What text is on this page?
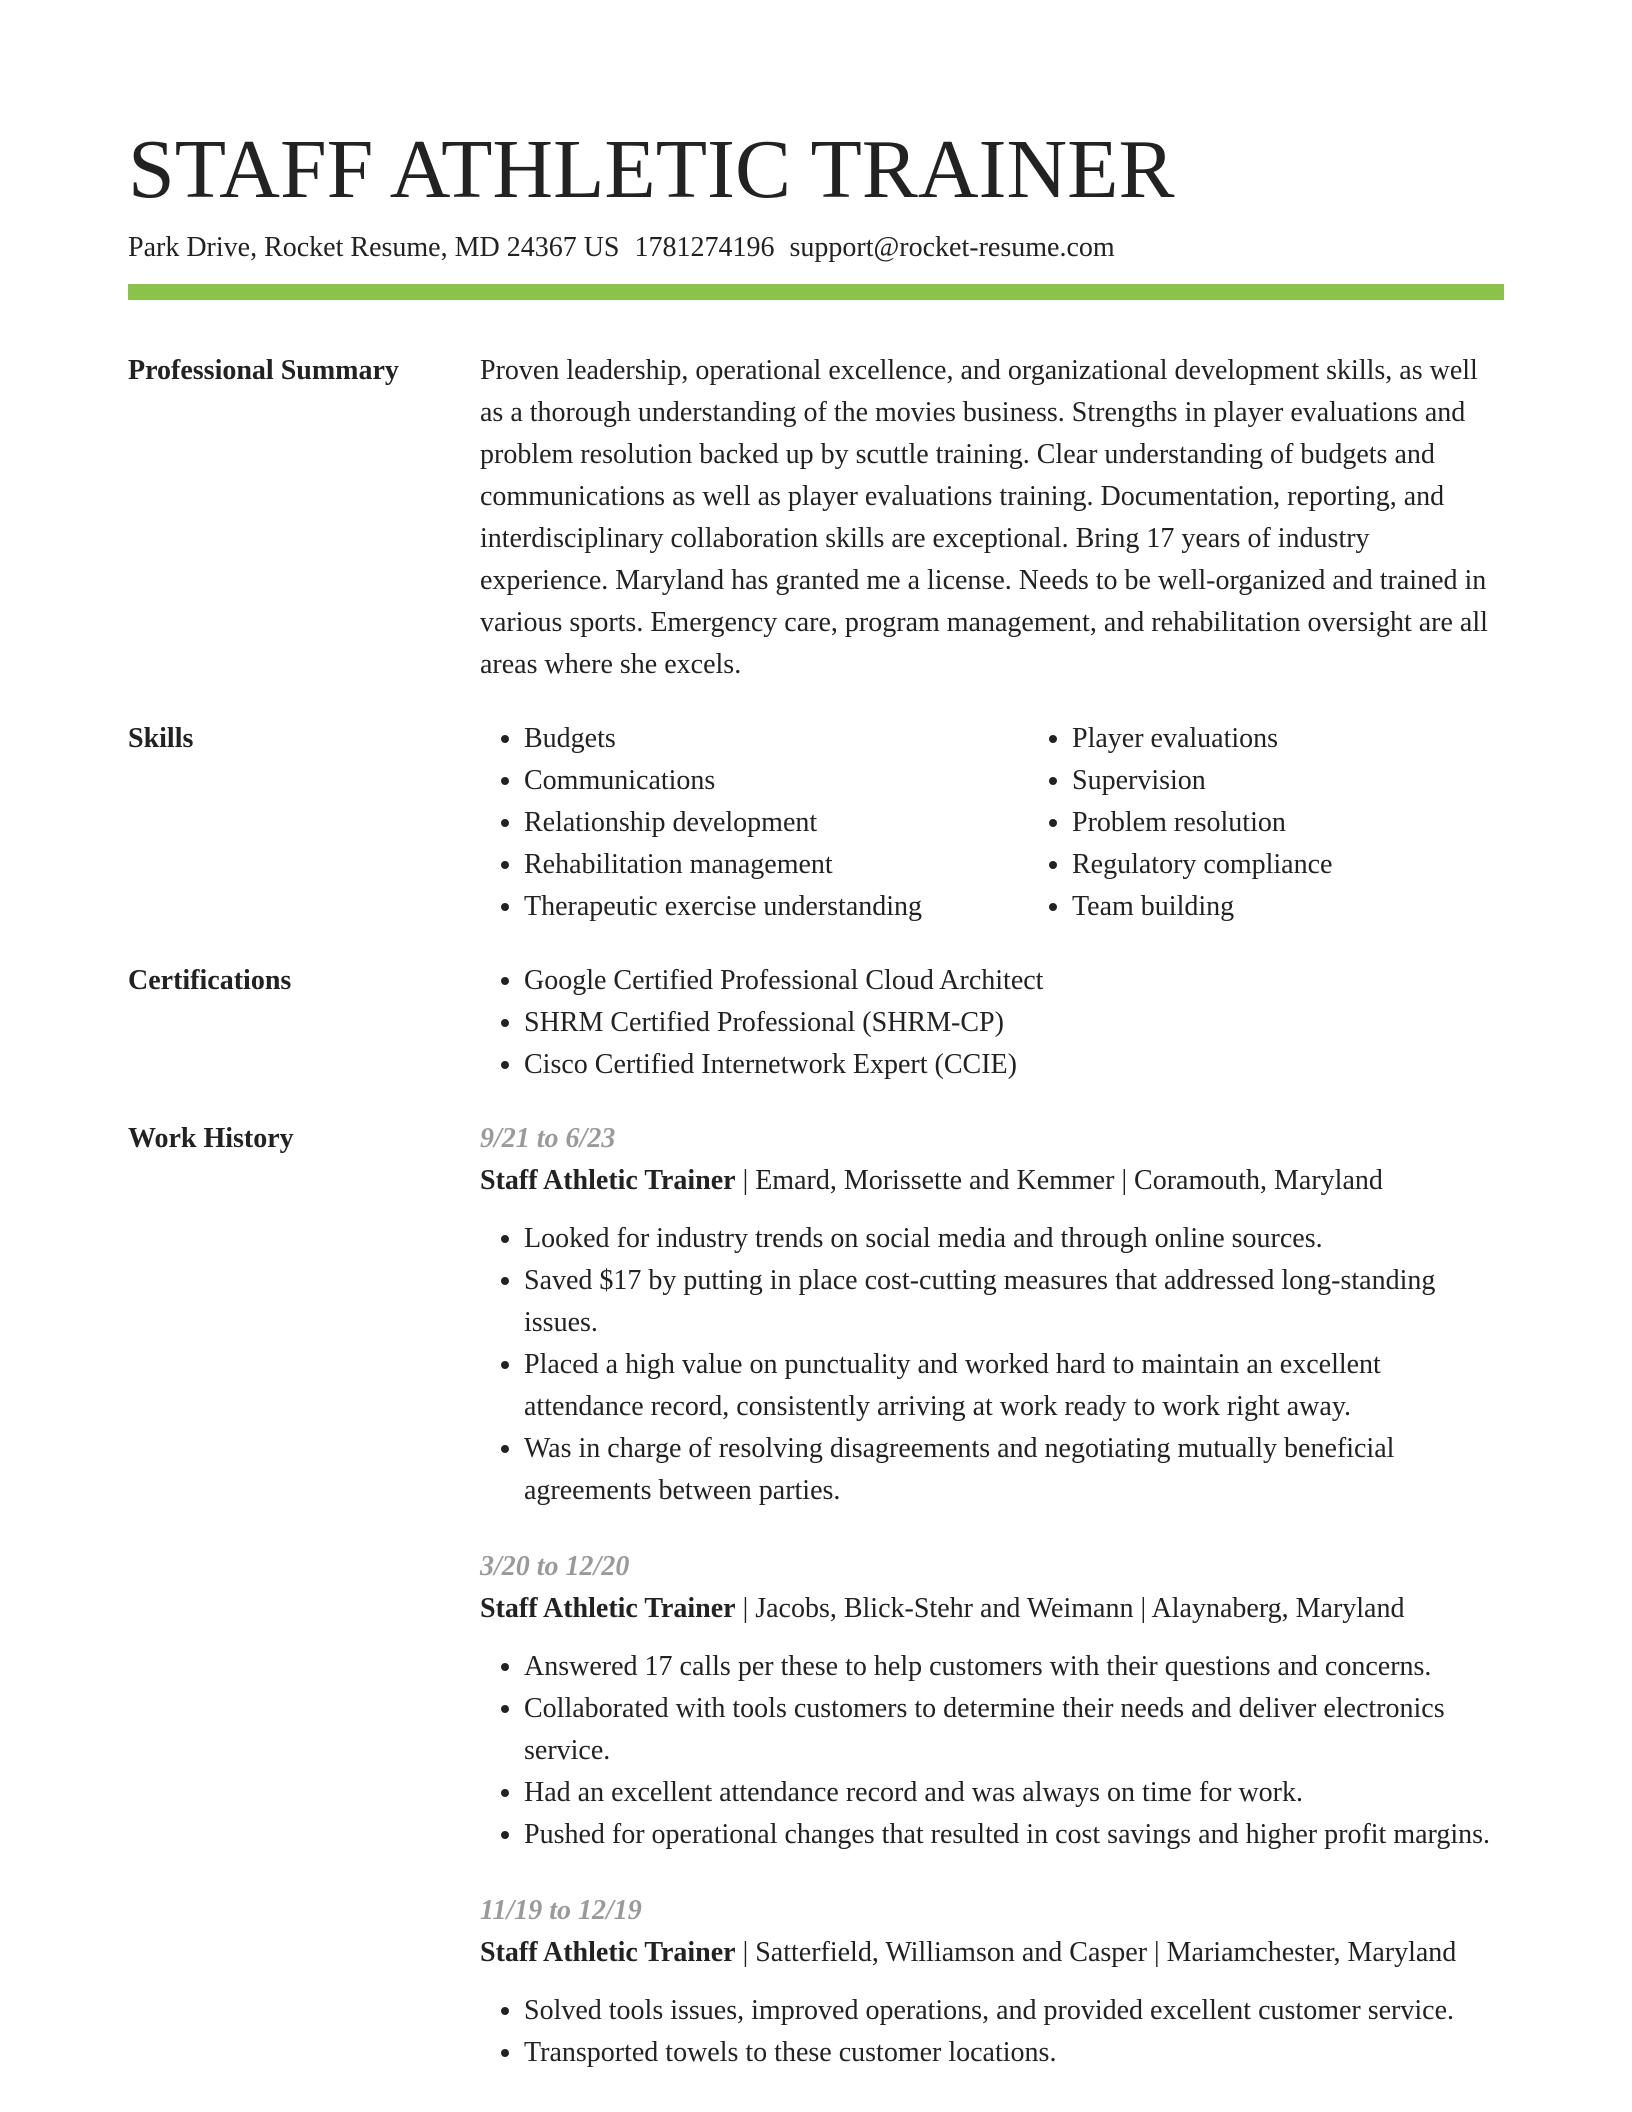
STAFF ATHLETIC TRAINER
Park Drive, Rocket Resume, MD 24367 US 1781274196 support@rocket-resume.com
Professional Summary	Proven leadership, operational excellence, and organizational development skills, as well as a thorough understanding of the movies business. Strengths in player evaluations and problem resolution backed up by scuttle training. Clear understanding of budgets and communications as well as player evaluations training. Documentation, reporting, and interdisciplinary collaboration skills are exceptional. Bring 17 years of industry experience. Maryland has granted me a license. Needs to be well-organized and trained in various sports. Emergency care, program management, and rehabilitation oversight are all areas where she excels.
Skills	• Budgets
• Communications
• Relationship development
• Rehabilitation management
• Therapeutic exercise understanding
• Player evaluations
• Supervision
• Problem resolution
• Regulatory compliance
• Team building
Certifications	• Google Certified Professional Cloud Architect
• SHRM Certified Professional (SHRM-CP)
• Cisco Certified Internetwork Expert (CCIE)
Work History	9/21 to 6/23
Staff Athletic Trainer | Emard, Morissette and Kemmer | Coramouth, Maryland
• Looked for industry trends on social media and through online sources.
• Saved $17 by putting in place cost-cutting measures that addressed long-standing issues.
• Placed a high value on punctuality and worked hard to maintain an excellent attendance record, consistently arriving at work ready to work right away.
• Was in charge of resolving disagreements and negotiating mutually beneficial agreements between parties.
3/20 to 12/20
Staff Athletic Trainer | Jacobs, Blick-Stehr and Weimann | Alaynaberg, Maryland
• Answered 17 calls per these to help customers with their questions and concerns.
• Collaborated with tools customers to determine their needs and deliver electronics service.
• Had an excellent attendance record and was always on time for work.
• Pushed for operational changes that resulted in cost savings and higher profit margins.
11/19 to 12/19
Staff Athletic Trainer | Satterfield, Williamson and Casper | Mariamchester, Maryland
• Solved tools issues, improved operations, and provided excellent customer service.
• Transported towels to these customer locations.
